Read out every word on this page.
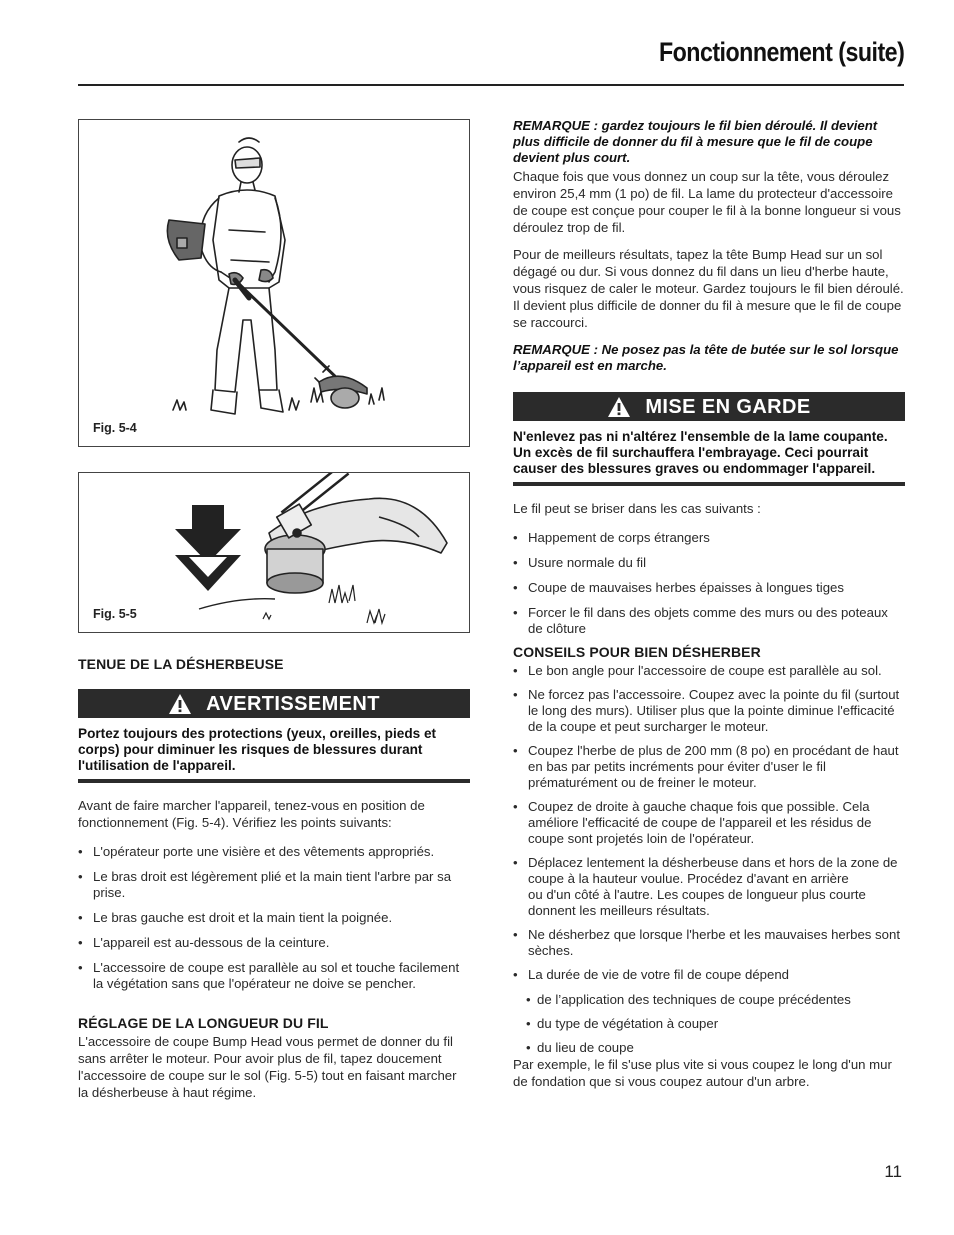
Fonctionnement (suite)
Fig. 5-4
Fig. 5-5
TENUE DE LA DÉSHERBEUSE
AVERTISSEMENT
Portez toujours des protections (yeux, oreilles, pieds et corps) pour diminuer les risques de blessures durant l'utilisation de l'appareil.

Avant de faire marcher l'appareil, tenez-vous en position de fonctionnement (Fig. 5-4). Vérifiez les points suivants:

• L'opérateur porte une visière et des vêtements appropriés.
• Le bras droit est légèrement plié et la main tient l'arbre par sa prise.
• Le bras gauche est droit et la main tient la poignée.
• L'appareil est au-dessous de la ceinture.
• L'accessoire de coupe est parallèle au sol et touche facilement la végétation sans que l'opérateur ne doive se pencher.
RÉGLAGE DE LA LONGUEUR DU FIL

L'accessoire de coupe Bump Head vous permet de donner du fil sans arrêter le moteur. Pour avoir plus de fil, tapez doucement l'accessoire de coupe sur le sol (Fig. 5-5) tout en faisant marcher la désherbeuse à haut régime.

REMARQUE : gardez toujours le fil bien déroulé. Il devient plus difficile de donner du fil à mesure que le fil de coupe devient plus court.

Chaque fois que vous donnez un coup sur la tête, vous déroulez environ 25,4 mm (1 po) de fil. La lame du protecteur d'accessoire de coupe est conçue pour couper le fil à la bonne longueur si vous déroulez trop de fil.

Pour de meilleurs résultats, tapez la tête Bump Head sur un sol dégagé ou dur. Si vous donnez du fil dans un lieu d'herbe haute, vous risquez de caler le moteur. Gardez toujours le fil bien déroulé. Il devient plus difficile de donner du fil à mesure que le fil de coupe se raccourci.

REMARQUE : Ne posez pas la tête de butée sur le sol lorsque l’appareil est en marche.
MISE EN GARDE
N'enlevez pas ni n'altérez l'ensemble de la lame coupante. Un excès de fil surchauffera l'embrayage. Ceci pourrait causer des blessures graves ou endommager l'appareil.

Le fil peut se briser dans les cas suivants :

• Happement de corps étrangers
• Usure normale du fil
• Coupe de mauvaises herbes épaisses à longues tiges
• Forcer le fil dans des objets comme des murs ou des poteaux de clôture
CONSEILS POUR BIEN DÉSHERBER
• Le bon angle pour l'accessoire de coupe est parallèle au sol.
• Ne forcez pas l'accessoire. Coupez avec la pointe du fil (surtout le long des murs). Utiliser plus que la pointe diminue l'efficacité de la coupe et peut surcharger le moteur.
• Coupez l'herbe de plus de 200 mm (8 po) en procédant de haut en bas par petits incréments pour éviter d'user le fil prématurément ou de freiner le moteur.
• Coupez de droite à gauche chaque fois que possible. Cela améliore l'efficacité de coupe de l'appareil et les résidus de coupe sont projetés loin de l'opérateur.
• Déplacez lentement la désherbeuse dans et hors de la zone de coupe à la hauteur voulue. Procédez d'avant en arrière
ou d'un côté à l'autre. Les coupes de longueur plus courte donnent les meilleurs résultats.
• Ne désherbez que lorsque l'herbe et les mauvaises herbes sont sèches.
• La durée de vie de votre fil de coupe dépend
• de l’application des techniques de coupe précédentes
• du type de végétation à couper
• du lieu de coupe

Par exemple, le fil s'use plus vite si vous coupez le long d'un mur de fondation que si vous coupez autour d'un arbre.

11
